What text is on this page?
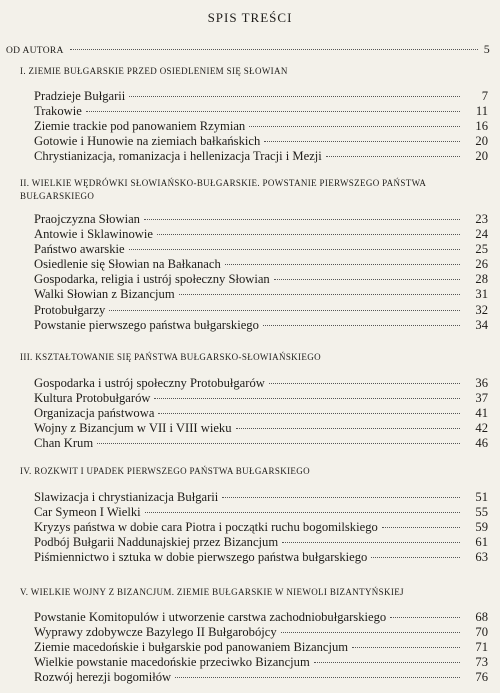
SPIS TREŚCI
OD AUTORA	5
I. ZIEMIE BUŁGARSKIE PRZED OSIEDLENIEM SIĘ SŁOWIAN
Pradzieje Bułgarii	7
Trakowie	11
Ziemie trackie pod panowaniem Rzymian	16
Gotowie i Hunowie na ziemiach bałkańskich	20
Chrystianizacja, romanizacja i hellenizacja Tracji i Mezji	20
II. WIELKIE WĘDRÓWKI SŁOWIAŃSKO-BUŁGARSKIE. POWSTANIE PIERWSZEGO PAŃSTWA BUŁGARSKIEGO
Praojczyzna Słowian	23
Antowie i Sklawinowie	24
Państwo awarskie	25
Osiedlenie się Słowian na Bałkanach	26
Gospodarka, religia i ustrój społeczny Słowian	28
Walki Słowian z Bizancjum	31
Protobułgarzy	32
Powstanie pierwszego państwa bułgarskiego	34
III. KSZTAŁTOWANIE SIĘ PAŃSTWA BUŁGARSKO-SŁOWIAŃSKIEGO
Gospodarka i ustrój społeczny Protobułgarów	36
Kultura Protobułgarów	37
Organizacja państwowa	41
Wojny z Bizancjum w VII i VIII wieku	42
Chan Krum	46
IV. ROZKWIT I UPADEK PIERWSZEGO PAŃSTWA BUŁGARSKIEGO
Slawizacja i chrystianizacja Bułgarii	51
Car Symeon I Wielki	55
Kryzys państwa w dobie cara Piotra i początki ruchu bogomilskiego	59
Podbój Bułgarii Naddunajskiej przez Bizancjum	61
Piśmiennictwo i sztuka w dobie pierwszego państwa bułgarskiego	63
V. WIELKIE WOJNY Z BIZANCJUM. ZIEMIE BUŁGARSKIE W NIEWOLI BIZANTYŃSKIEJ
Powstanie Komitopulów i utworzenie carstwa zachodniobułgarskiego	68
Wyprawy zdobywcze Bazylego II Bułgarobójcy	70
Ziemie macedońskie i bułgarskie pod panowaniem Bizancjum	71
Wielkie powstanie macedońskie przeciwko Bizancjum	73
Rozwój herezji bogomiłów	76
